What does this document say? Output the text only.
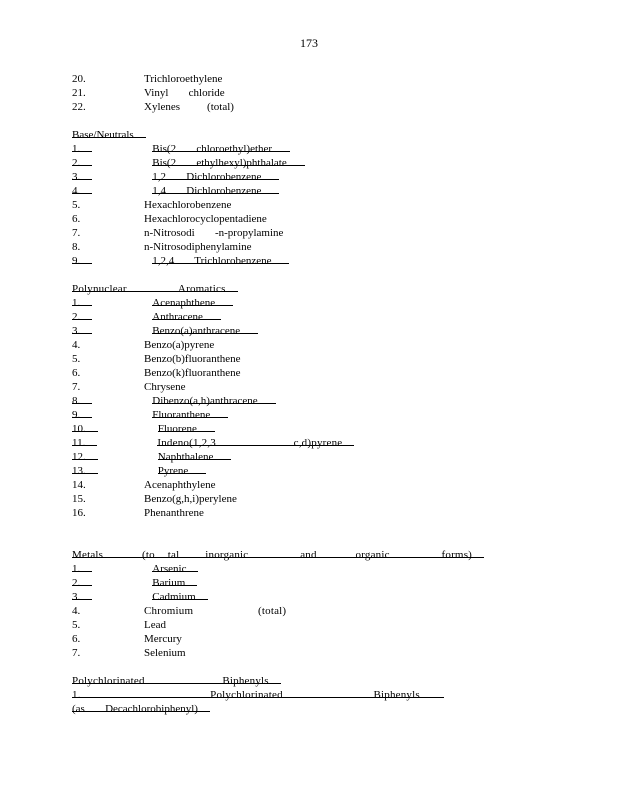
173
20.	Trichloroethylene
21.	Vinyl   chloride
22.	Xylenes    (total)
Base/Neutrals
1.	Bis(2   chloroethyl)ether
2.	Bis(2   ethylhexyl)phthalate
3.	1,2   Dichlorobenzene
4.	1,4   Dichlorobenzene
5.	Hexachlorobenzene
6.	Hexachlorocyclopentadiene
7.	n-Nitrosodi   -n-propylamine
8.	n-Nitrosodiphenylamine
9.	1,2,4   Trichlorobenzene
Polynuclear    Aromatics
1.	Acenaphthene
2.	Anthracene
3.	Benzo(a)anthracene
4.	Benzo(a)pyrene
5.	Benzo(b)fluoranthene
6.	Benzo(k)fluoranthene
7.	Chrysene
8.	Dibenzo(a,h)anthracene
9.	Fluoranthene
10.	Fluorene
11.	Indeno(1,2,3      c,d)pyrene
12.	Naphthalene
13.	Pyrene
14.	Acenaphthylene
15.	Benzo(g,h,i)perylene
16.	Phenanthrene
Metals   (to tal  inorganic    and   organic    forms)
1.	Arsenic
2.	Barium
3.	Cadmium
4.	Chromium     (total)
5.	Lead
6.	Mercury
7.	Selenium
Polychlorinated      Biphenyls
1.          Polychlorinated       Biphenyls
(as   Decachlorobiphenyl)
